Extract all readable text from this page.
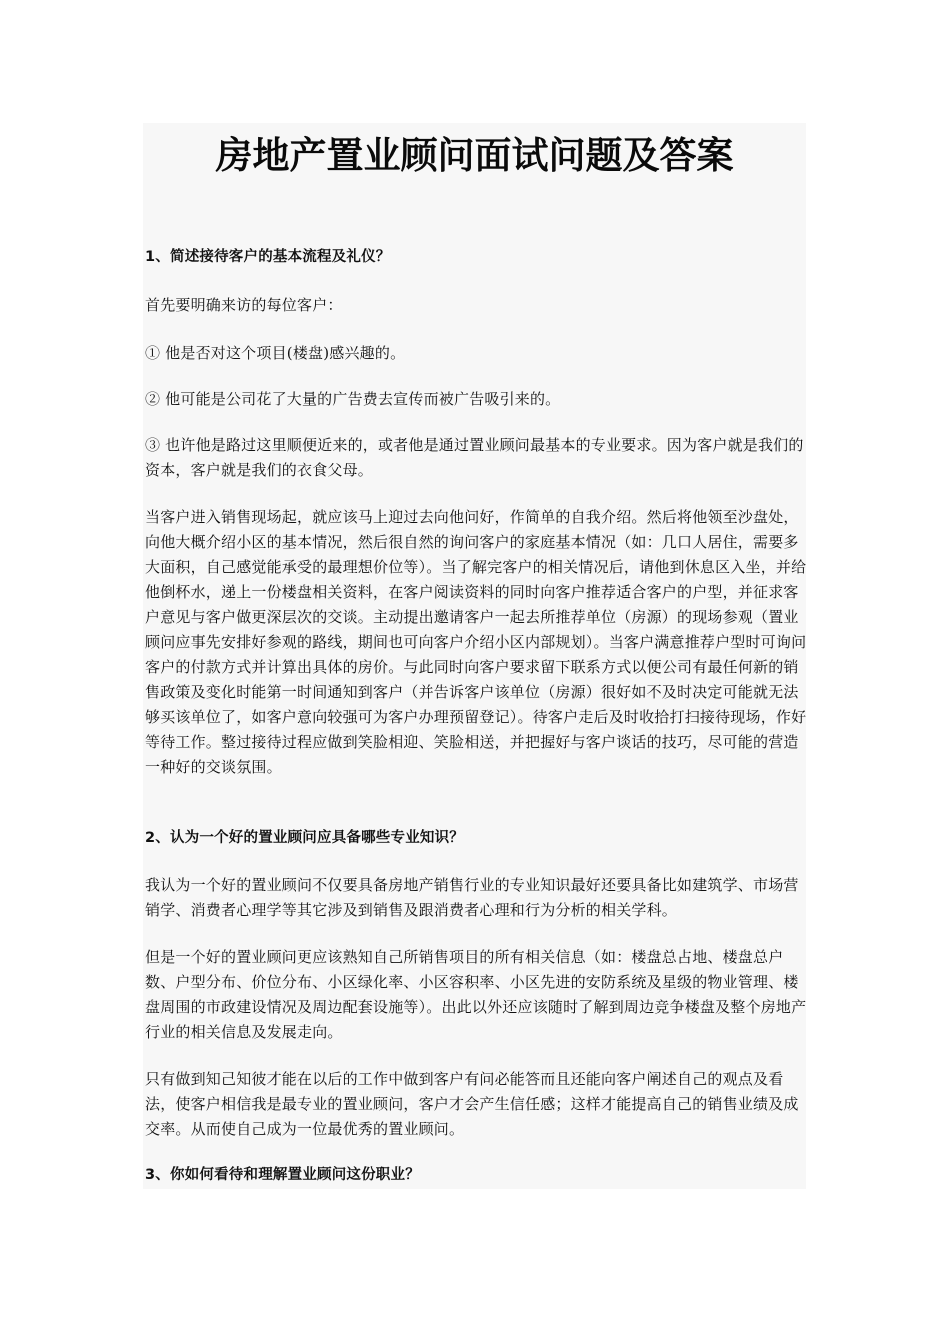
房地产置业顾问面试问题及答案
1、简述接待客户的基本流程及礼仪？
首先要明确来访的每位客户：
① 他是否对这个项目(楼盘)感兴趣的。
② 他可能是公司花了大量的广告费去宣传而被广告吸引来的。
③ 也许他是路过这里顺便近来的，或者他是通过置业顾问最基本的专业要求。因为客户就是我们的资本，客户就是我们的衣食父母。
当客户进入销售现场起，就应该马上迎过去向他问好，作简单的自我介绍。然后将他领至沙盘处，向他大概介绍小区的基本情况，然后很自然的询问客户的家庭基本情况（如：几口人居住，需要多大面积，自己感觉能承受的最理想价位等）。当了解完客户的相关情况后，请他到休息区入坐，并给他倒杯水，递上一份楼盘相关资料，在客户阅读资料的同时向客户推荐适合客户的户型，并征求客户意见与客户做更深层次的交谈。主动提出邀请客户一起去所推荐单位（房源）的现场参观（置业顾问应事先安排好参观的路线，期间也可向客户介绍小区内部规划）。当客户满意推荐户型时可询问客户的付款方式并计算出具体的房价。与此同时向客户要求留下联系方式以便公司有最任何新的销售政策及变化时能第一时间通知到客户（并告诉客户该单位（房源）很好如不及时决定可能就无法够买该单位了，如客户意向较强可为客户办理预留登记）。待客户走后及时收拾打扫接待现场，作好等待工作。整过接待过程应做到笑脸相迎、笑脸相送，并把握好与客户谈话的技巧，尽可能的营造一种好的交谈氛围。
2、认为一个好的置业顾问应具备哪些专业知识？
我认为一个好的置业顾问不仅要具备房地产销售行业的专业知识最好还要具备比如建筑学、市场营销学、消费者心理学等其它涉及到销售及跟消费者心理和行为分析的相关学科。
但是一个好的置业顾问更应该熟知自己所销售项目的所有相关信息（如：楼盘总占地、楼盘总户数、户型分布、价位分布、小区绿化率、小区容积率、小区先进的安防系统及星级的物业管理、楼盘周围的市政建设情况及周边配套设施等）。出此以外还应该随时了解到周边竞争楼盘及整个房地产行业的相关信息及发展走向。
只有做到知己知彼才能在以后的工作中做到客户有问必能答而且还能向客户阐述自己的观点及看法，使客户相信我是最专业的置业顾问，客户才会产生信任感；这样才能提高自己的销售业绩及成交率。从而使自己成为一位最优秀的置业顾问。
3、你如何看待和理解置业顾问这份职业？
